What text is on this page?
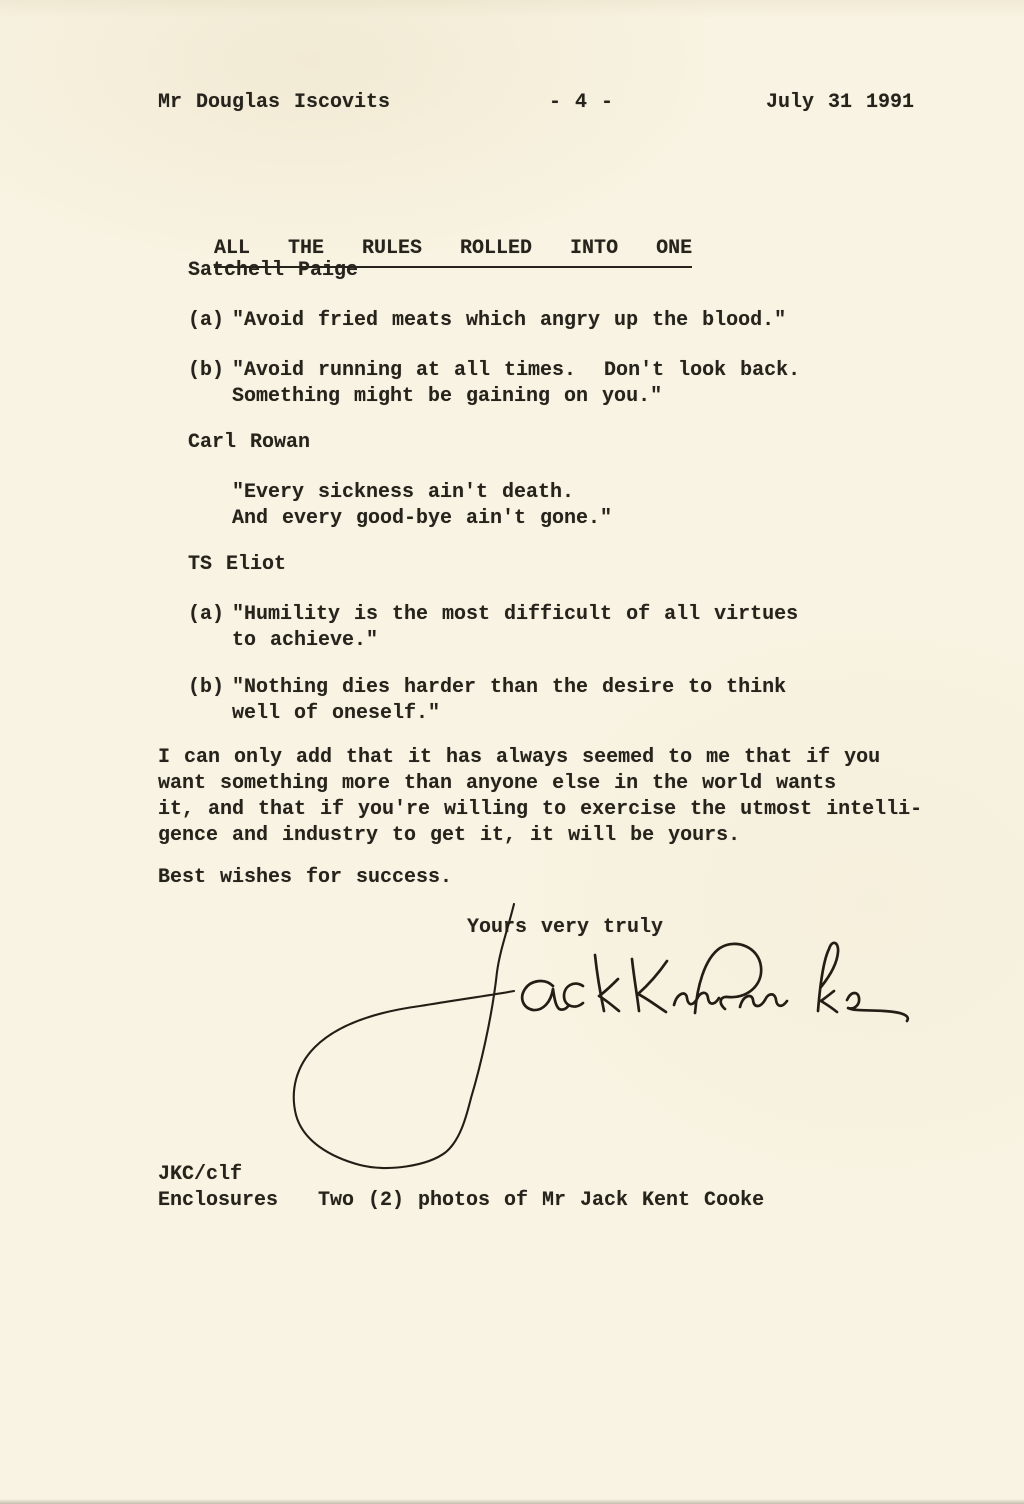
Mr Douglas Iscovits	- 4 -	July 31 1991

ALL THE RULES ROLLED INTO ONE

Satchell Paige
(a) "Avoid fried meats which angry up the blood."
(b) "Avoid running at all times.  Don't look back.
Something might be gaining on you."
Carl Rowan
"Every sickness ain't death.
And every good-bye ain't gone."
TS Eliot
(a) "Humility is the most difficult of all virtues
to achieve."
(b) "Nothing dies harder than the desire to think
well of oneself."
I can only add that it has always seemed to me that if you
want something more than anyone else in the world wants
it, and that if you're willing to exercise the utmost intelli-
gence and industry to get it, it will be yours.
Best wishes for success.
Yours very truly
JKC/clf
Enclosures Two (2) photos of Mr Jack Kent Cooke
